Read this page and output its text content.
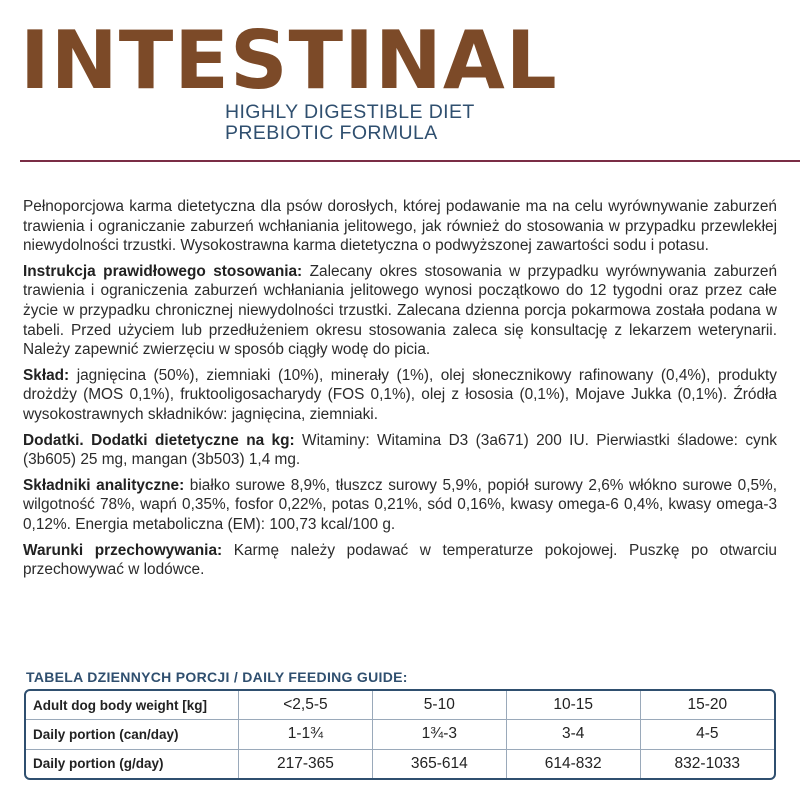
INTESTINAL
HIGHLY DIGESTIBLE DIET
PREBIOTIC FORMULA

Pełnoporcjowa karma dietetyczna dla psów dorosłych, której podawanie ma na celu wyrównywanie zaburzeń trawienia i ograniczanie zaburzeń wchłaniania jelitowego, jak również do stosowania w przypadku przewlekłej niewydolności trzustki. Wysokostrawna karma dietetyczna o podwyższonej zawartości sodu i potasu.

Instrukcja prawidłowego stosowania: Zalecany okres stosowania w przypadku wyrównywania zaburzeń trawienia i ograniczenia zaburzeń wchłaniania jelitowego wynosi początkowo do 12 tygodni oraz przez całe życie w przypadku chronicznej niewydolności trzustki. Zalecana dzienna porcja pokarmowa została podana w tabeli. Przed użyciem lub przedłużeniem okresu stosowania zaleca się konsultację z lekarzem weterynarii. Należy zapewnić zwierzęciu w sposób ciągły wodę do picia.

Skład: jagnięcina (50%), ziemniaki (10%), minerały (1%), olej słonecznikowy rafinowany (0,4%), produkty drożdży (MOS 0,1%), fruktooligosacharydy (FOS 0,1%), olej z łososia (0,1%), Mojave Jukka (0,1%). Źródła wysokostrawnych składników: jagnięcina, ziemniaki.

Dodatki. Dodatki dietetyczne na kg: Witaminy: Witamina D3 (3a671) 200 IU. Pierwiastki śladowe: cynk (3b605) 25 mg, mangan (3b503) 1,4 mg.

Składniki analityczne: białko surowe 8,9%, tłuszcz surowy 5,9%, popiół surowy 2,6% włókno surowe 0,5%, wilgotność 78%, wapń 0,35%, fosfor 0,22%, potas 0,21%, sód 0,16%, kwasy omega-6 0,4%, kwasy omega-3 0,12%. Energia metaboliczna (EM): 100,73 kcal/100 g.

Warunki przechowywania: Karmę należy podawać w temperaturze pokojowej. Puszkę po otwarciu przechowywać w lodówce.

TABELA DZIENNYCH PORCJI / DAILY FEEDING GUIDE:
Adult dog body weight [kg]	<2,5-5	5-10	10-15	15-20
Daily portion (can/day)	1-1¾	1¾-3	3-4	4-5
Daily portion (g/day)	217-365	365-614	614-832	832-1033
